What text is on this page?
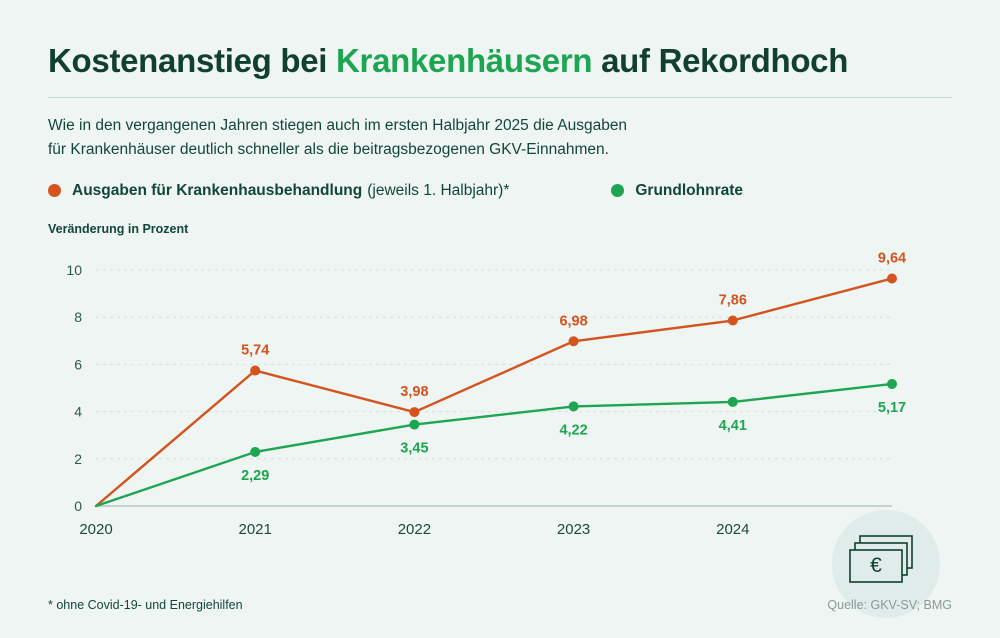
Kostenanstieg bei Krankenhäusern auf Rekordhoch
Wie in den vergangenen Jahren stiegen auch im ersten Halbjahr 2025 die Ausgaben
für Krankenhäuser deutlich schneller als die beitragsbezogenen GKV-Einnahmen.
Ausgaben für Krankenhausbehandlung (jeweils 1. Halbjahr)*	Grundlohnrate
Veränderung in Prozent
0
2
4
6
8
10
2020	2021	2022	2023	2024
5,74
3,98
6,98
7,86
9,64
2,29
3,45
4,22	4,41
5,17
€
* ohne Covid-19- und Energiehilfen	Quelle: GKV-SV; BMG
